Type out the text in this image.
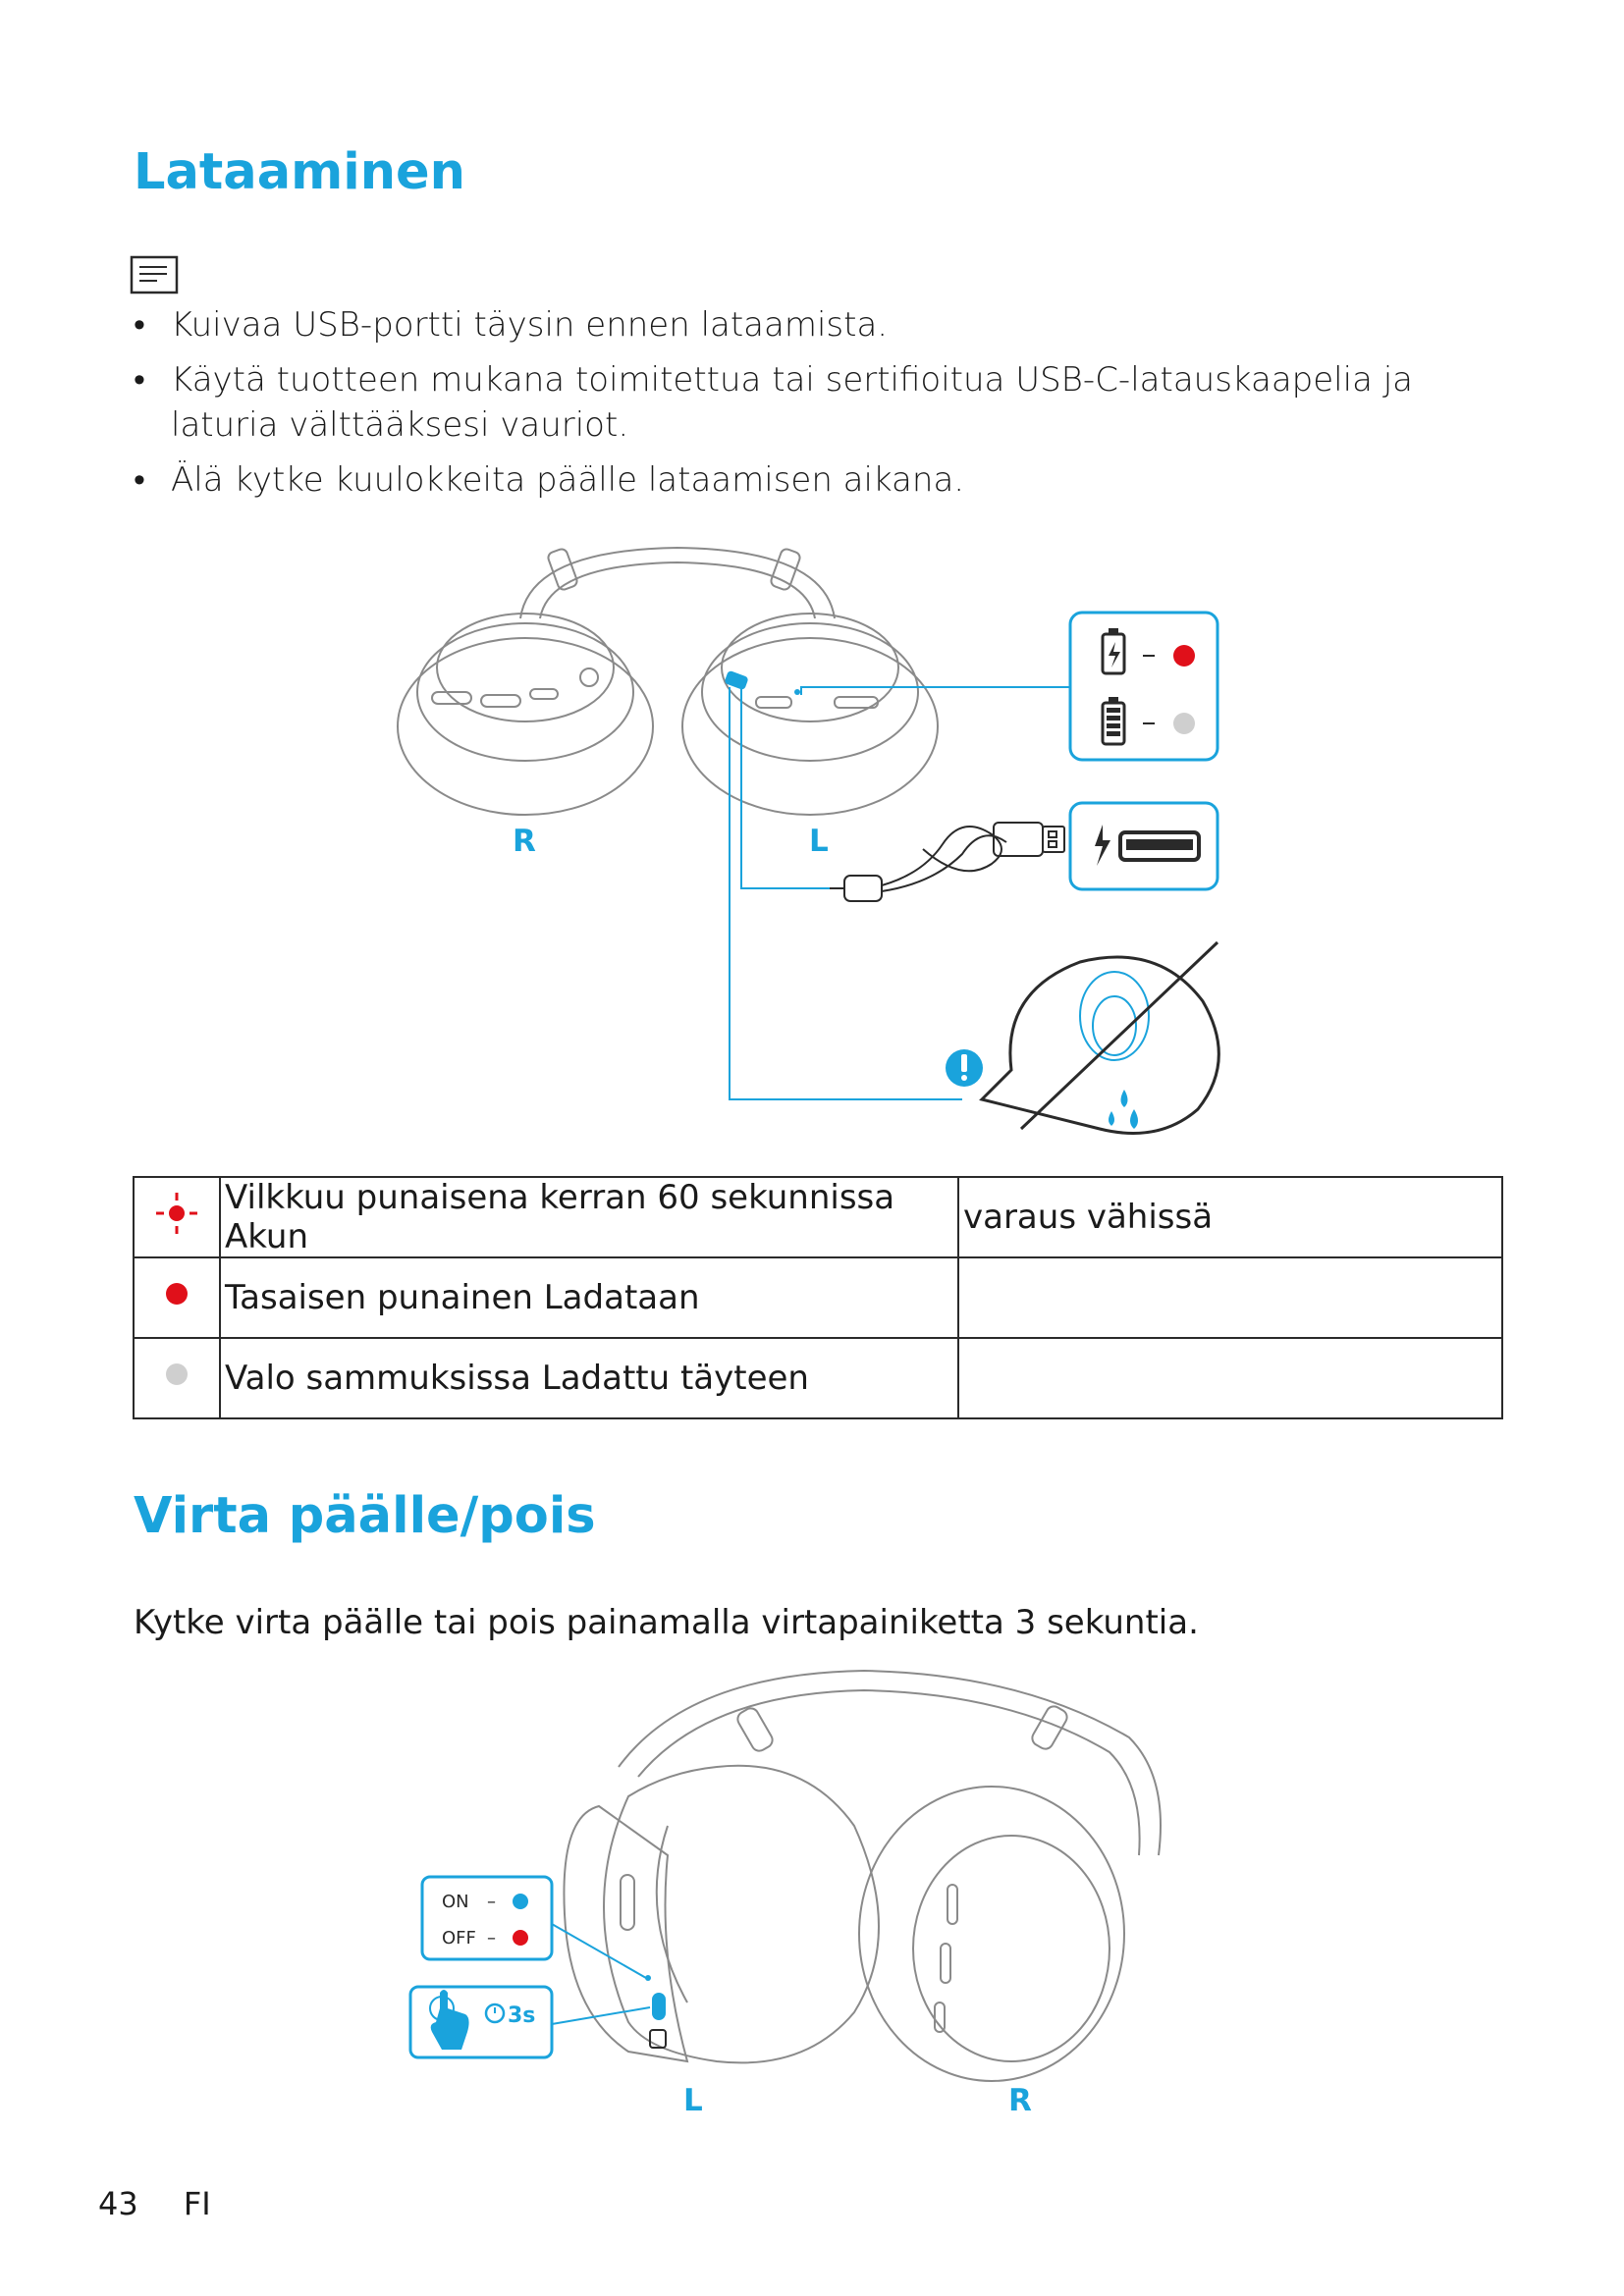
Lataaminen
• Kuivaa USB-portti täysin ennen lataamista.
• Käytä tuotteen mukana toimitettua tai sertifioitua USB-C-latauskaapelia ja laturia välttääksesi vauriot.
• Älä kytke kuulokkeita päälle lataamisen aikana.
R	L
	Vilkkuu punaisena kerran 60 sekunnissa Akun	varaus vähissä
	Tasaisen punainen Ladataan	
	Valo sammuksissa Ladattu täyteen	
Virta päälle/pois
Kytke virta päälle tai pois painamalla virtapainiketta 3 sekuntia.
ON –
OFF –
3s
L	R
43 FI
